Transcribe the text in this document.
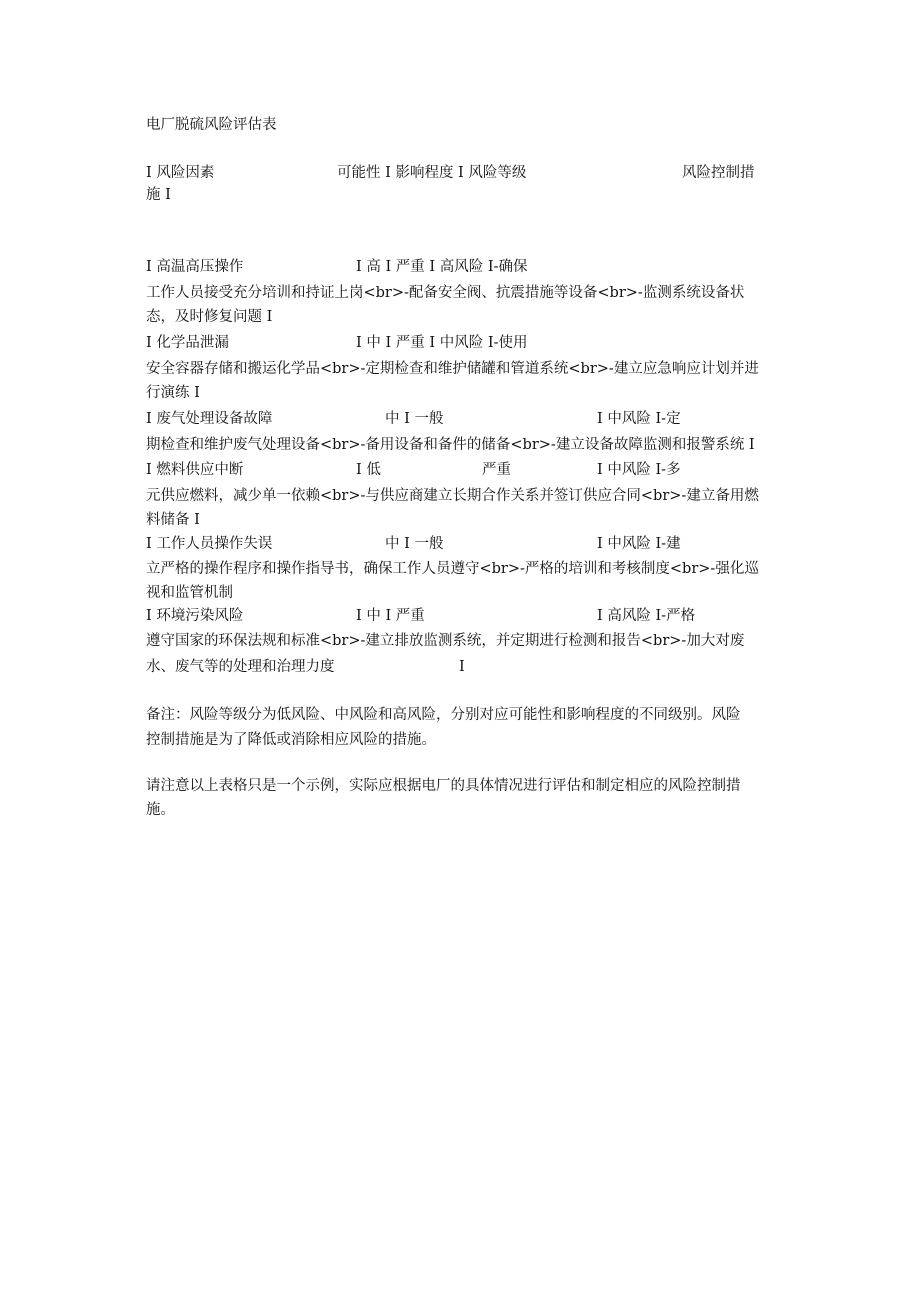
电厂脱硫风险评估表
I 风险因素	可能性 I 影响程度 I 风险等级	风险控制措
施 I
I 高温高压操作	I 高 I 严重 I 高风险 I-确保
工作人员接受充分培训和持证上岗<br>-配备安全阀、抗震措施等设备<br>-监测系统设备状
态，及时修复问题 I
I 化学品泄漏	I 中 I 严重 I 中风险 I-使用
安全容器存储和搬运化学品<br>-定期检查和维护储罐和管道系统<br>-建立应急响应计划并进
行演练 I
I 废气处理设备故障	中 I 一般	I 中风险 I-定
期检查和维护废气处理设备<br>-备用设备和备件的储备<br>-建立设备故障监测和报警系统 I
I 燃料供应中断	I 低	严重	I 中风险 I-多
元供应燃料，减少单一依赖<br>-与供应商建立长期合作关系并签订供应合同<br>-建立备用燃
料储备 I
I 工作人员操作失误	中 I 一般	I 中风险 I-建
立严格的操作程序和操作指导书，确保工作人员遵守<br>-严格的培训和考核制度<br>-强化巡
视和监管机制
I 环境污染风险	I 中 I 严重	I 高风险 I-严格
遵守国家的环保法规和标准<br>-建立排放监测系统，并定期进行检测和报告<br>-加大对废
水、废气等的处理和治理力度	I
备注：风险等级分为低风险、中风险和高风险，分别对应可能性和影响程度的不同级别。风险
控制措施是为了降低或消除相应风险的措施。
请注意以上表格只是一个示例，实际应根据电厂的具体情况进行评估和制定相应的风险控制措
施。
